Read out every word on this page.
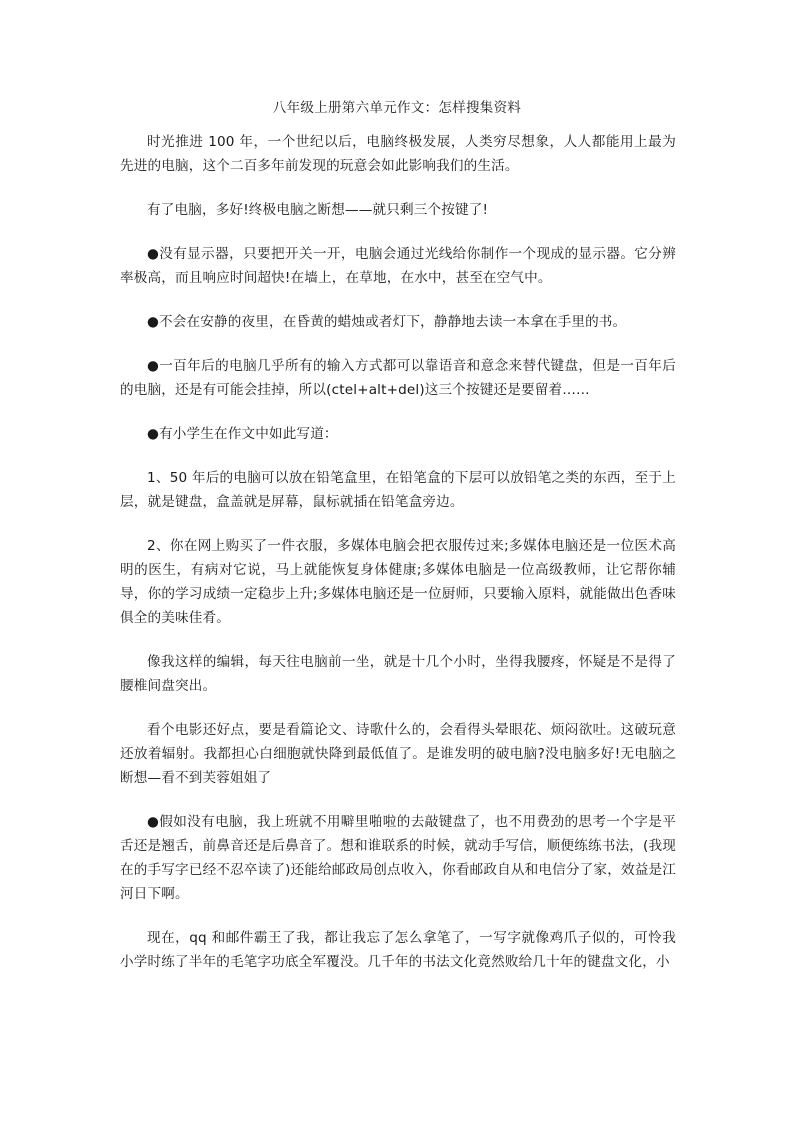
八年级上册第六单元作文：怎样搜集资料

时光推进 100 年，一个世纪以后，电脑终极发展，人类穷尽想象，人人都能用上最为先进的电脑，这个二百多年前发现的玩意会如此影响我们的生活。

有了电脑，多好!终极电脑之断想——就只剩三个按键了!

●没有显示器，只要把开关一开，电脑会通过光线给你制作一个现成的显示器。它分辨率极高，而且响应时间超快!在墙上，在草地，在水中，甚至在空气中。

●不会在安静的夜里，在昏黄的蜡烛或者灯下，静静地去读一本拿在手里的书。

●一百年后的电脑几乎所有的输入方式都可以靠语音和意念来替代键盘，但是一百年后的电脑，还是有可能会挂掉，所以(ctel+alt+del)这三个按键还是要留着……

●有小学生在作文中如此写道：

1、50 年后的电脑可以放在铅笔盒里，在铅笔盒的下层可以放铅笔之类的东西，至于上层，就是键盘，盒盖就是屏幕，鼠标就插在铅笔盒旁边。

2、你在网上购买了一件衣服，多媒体电脑会把衣服传过来;多媒体电脑还是一位医术高明的医生，有病对它说，马上就能恢复身体健康;多媒体电脑是一位高级教师，让它帮你辅导，你的学习成绩一定稳步上升;多媒体电脑还是一位厨师，只要输入原料，就能做出色香味俱全的美味佳肴。

像我这样的编辑，每天往电脑前一坐，就是十几个小时，坐得我腰疼，怀疑是不是得了腰椎间盘突出。

看个电影还好点，要是看篇论文、诗歌什么的，会看得头晕眼花、烦闷欲吐。这破玩意还放着辐射。我都担心白细胞就快降到最低值了。是谁发明的破电脑?没电脑多好!无电脑之断想—看不到芙蓉姐姐了

●假如没有电脑，我上班就不用噼里啪啦的去敲键盘了，也不用费劲的思考一个字是平舌还是翘舌，前鼻音还是后鼻音了。想和谁联系的时候，就动手写信，顺便练练书法，(我现在的手写字已经不忍卒读了)还能给邮政局创点收入，你看邮政自从和电信分了家，效益是江河日下啊。

现在，qq 和邮件霸王了我，都让我忘了怎么拿笔了，一写字就像鸡爪子似的，可怜我小学时练了半年的毛笔字功底全军覆没。几千年的书法文化竟然败给几十年的键盘文化，小
